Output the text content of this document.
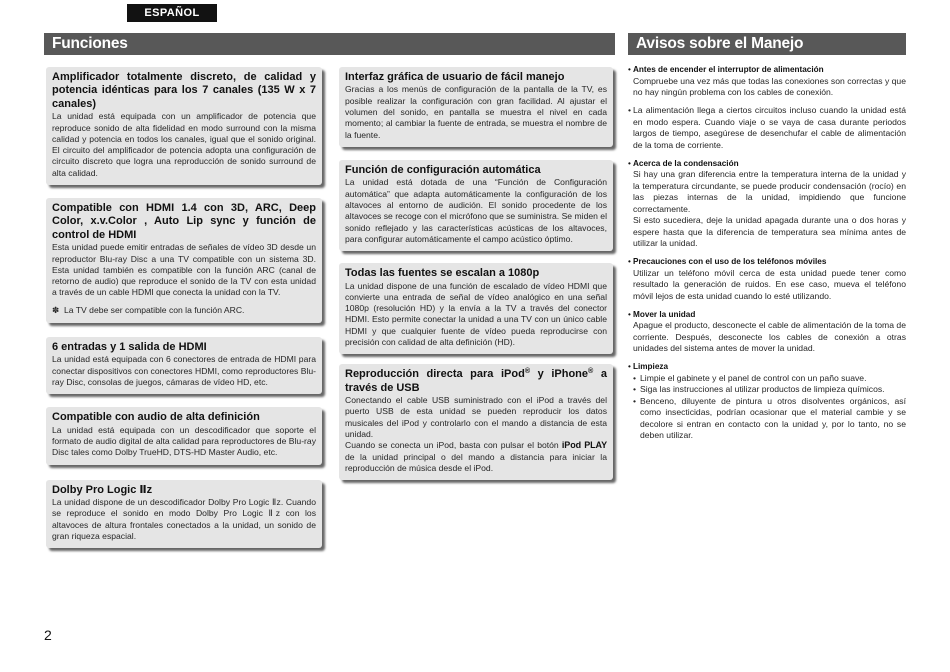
ESPAÑOL
Funciones	Avisos sobre el Manejo
Amplificador totalmente discreto, de calidad y potencia idénticas para los 7 canales (135 W x 7 canales)

La unidad está equipada con un amplificador de potencia que reproduce sonido de alta fidelidad en modo surround con la misma calidad y potencia en todos los canales, igual que el sonido original. El circuito del amplificador de potencia adopta una configuración de circuito discreto que logra una reproducción de sonido surround de alta calidad.

Compatible con HDMI 1.4 con 3D, ARC, Deep Color, x.v.Color , Auto Lip sync y función de control de HDMI

Esta unidad puede emitir entradas de señales de vídeo 3D desde un reproductor Blu-ray Disc a una TV compatible con un sistema 3D. Esta unidad también es compatible con la función ARC (canal de retorno de audio) que reproduce el sonido de la TV con esta unidad a través de un cable HDMI que conecta la unidad con la TV.

✽ La TV debe ser compatible con la función ARC.

6 entradas y 1 salida de HDMI

La unidad está equipada con 6 conectores de entrada de HDMI para conectar dispositivos con conectores HDMI, como reproductores Blu-ray Disc, consolas de juegos, cámaras de vídeo HD, etc.

Compatible con audio de alta definición

La unidad está equipada con un descodificador que soporte el formato de audio digital de alta calidad para reproductores de Blu-ray Disc tales como Dolby TrueHD, DTS-HD Master Audio, etc.

Dolby Pro Logic Ⅱz

La unidad dispone de un descodificador Dolby Pro Logic Ⅱz. Cuando se reproduce el sonido en modo Dolby Pro Logic Ⅱz con los altavoces de altura frontales conectados a la unidad, un sonido de gran riqueza espacial.

Interfaz gráfica de usuario de fácil manejo

Gracias a los menús de configuración de la pantalla de la TV, es posible realizar la configuración con gran facilidad. Al ajustar el volumen del sonido, en pantalla se muestra el nivel en cada momento; al cambiar la fuente de entrada, se muestra el nombre de la fuente.

Función de configuración automática

La unidad está dotada de una “Función de Configuración automática” que adapta automáticamente la configuración de los altavoces al entorno de audición. El sonido procedente de los altavoces se recoge con el micrófono que se suministra. Se miden el sonido reflejado y las características acústicas de los altavoces, para configurar automáticamente el campo acústico óptimo.

Todas las fuentes se escalan a 1080p

La unidad dispone de una función de escalado de vídeo HDMI que convierte una entrada de señal de vídeo analógico en una señal 1080p (resolución HD) y la envía a la TV a través del conector HDMI. Esto permite conectar la unidad a una TV con un único cable HDMI y que cualquier fuente de vídeo pueda reproducirse con precisión con calidad de alta definición (HD).

Reproducción directa para iPod® y iPhone® a través de USB

Conectando el cable USB suministrado con el iPod a través del puerto USB de esta unidad se pueden reproducir los datos musicales del iPod y controlarlo con el mando a distancia de esta unidad.

Cuando se conecta un iPod, basta con pulsar el botón iPod PLAY de la unidad principal o del mando a distancia para iniciar la reproducción de música desde el iPod.

• Antes de encender el interruptor de alimentación

Compruebe una vez más que todas las conexiones son correctas y que no hay ningún problema con los cables de conexión.

• La alimentación llega a ciertos circuitos incluso cuando la unidad está en modo espera. Cuando viaje o se vaya de casa durante periodos largos de tiempo, asegúrese de desenchufar el cable de alimentación de la toma de corriente.

• Acerca de la condensación

Si hay una gran diferencia entre la temperatura interna de la unidad y la temperatura circundante, se puede producir condensación (rocío) en las piezas internas de la unidad, impidiendo que funcione correctamente.

Si esto sucediera, deje la unidad apagada durante una o dos horas y espere hasta que la diferencia de temperatura sea mínima antes de utilizar la unidad.

• Precauciones con el uso de los teléfonos móviles

Utilizar un teléfono móvil cerca de esta unidad puede tener como resultado la generación de ruidos. En ese caso, mueva el teléfono móvil lejos de esta unidad cuando lo esté utilizando.

• Mover la unidad

Apague el producto, desconecte el cable de alimentación de la toma de corriente. Después, desconecte los cables de conexión a otras unidades del sistema antes de mover la unidad.

• Limpieza
• Limpie el gabinete y el panel de control con un paño suave.
• Siga las instrucciones al utilizar productos de limpieza químicos.
• Benceno, diluyente de pintura u otros disolventes orgánicos, así como insecticidas, podrían ocasionar que el material cambie y se decolore si entran en contacto con la unidad y, por lo tanto, no se deben utilizar.
2
